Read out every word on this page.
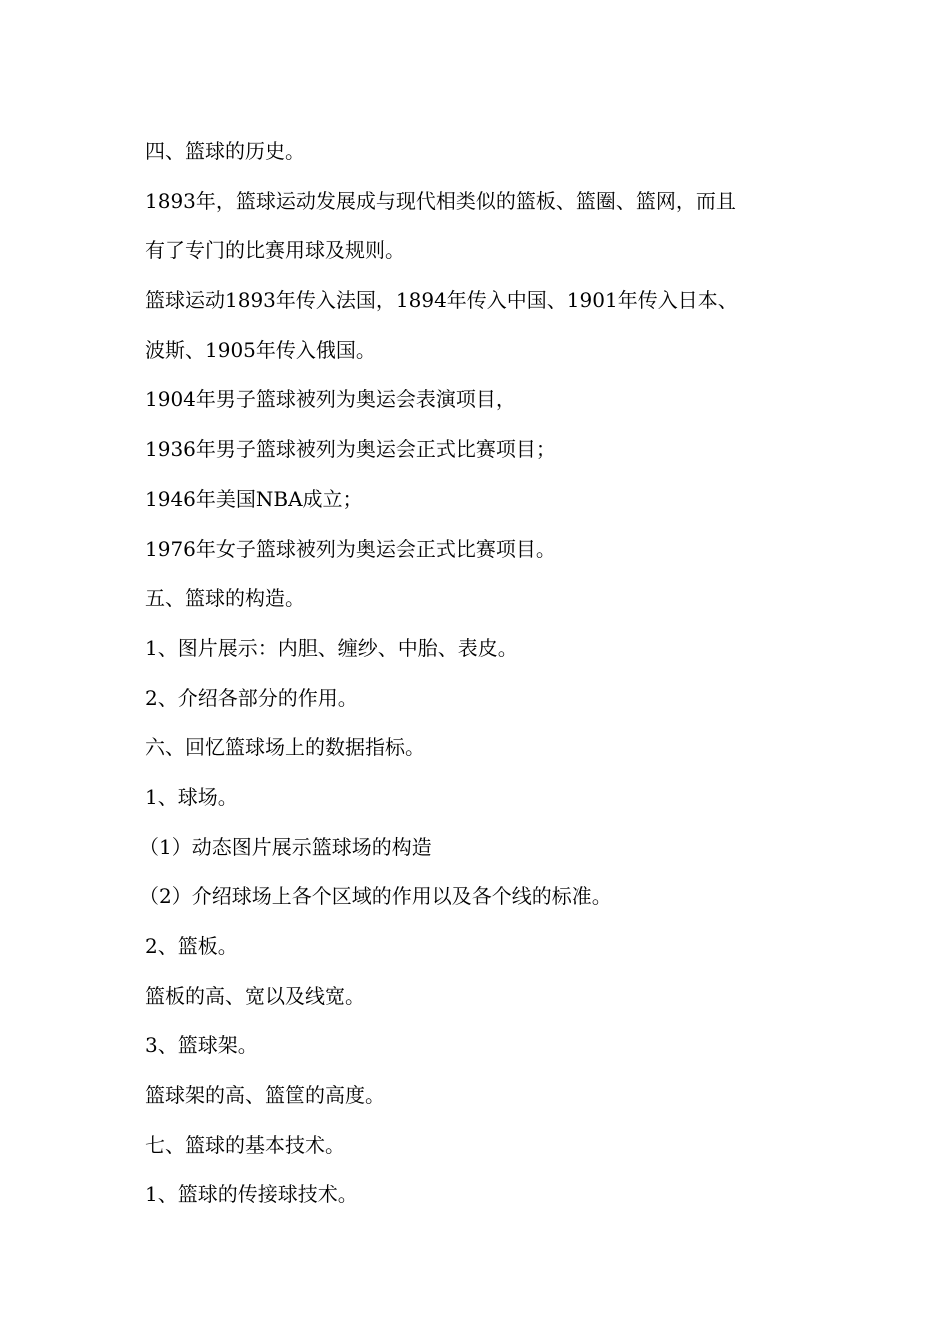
四、篮球的历史。
1893年，篮球运动发展成与现代相类似的篮板、篮圈、篮网，而且
有了专门的比赛用球及规则。
篮球运动1893年传入法国，1894年传入中国、1901年传入日本、
波斯、1905年传入俄国。
1904年男子篮球被列为奥运会表演项目，
1936年男子篮球被列为奥运会正式比赛项目；
1946年美国NBA成立；
1976年女子篮球被列为奥运会正式比赛项目。
五、篮球的构造。
1、图片展示：内胆、缠纱、中胎、表皮。
2、介绍各部分的作用。
六、回忆篮球场上的数据指标。
1、球场。
（1）动态图片展示篮球场的构造
（2）介绍球场上各个区域的作用以及各个线的标准。
2、篮板。
篮板的高、宽以及线宽。
3、篮球架。
篮球架的高、篮筐的高度。
七、篮球的基本技术。
1、篮球的传接球技术。
